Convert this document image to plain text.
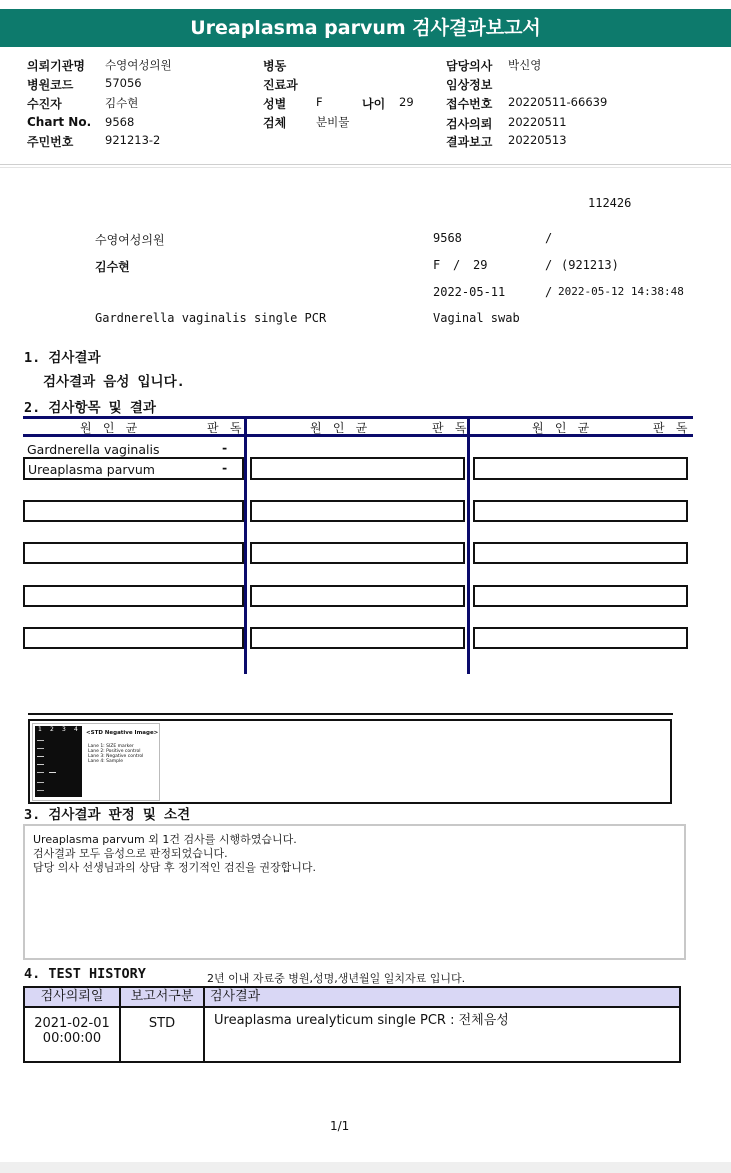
Ureaplasma parvum 검사결과보고서
의뢰기관명 수영여성의원
병원코드	57056
수진자	김수현
Chart No. 9568
주민번호	921213-2
병동
진료과
성별	F	나이 29
검체	분비물
담당의사 박신영
임상정보
접수번호 20220511-66639
검사의뢰 20220511
결과보고 20220513
112426
수영여성의원	9568	/
김수현	F / 29	/ (921213)
2022-05-11	/ 2022-05-12 14:38:48
Gardnerella vaginalis single PCR	Vaginal swab
1. 검사결과
검사결과 음성 입니다.
2. 검사항목 및 결과
원 인 균	판 독	원 인 균	판 독	원 인 균	판 독
Gardnerella vaginalis	-
Ureaplasma parvum	-
1 2 3 4 <STD Negative Image>
Lane 1: SIZE marker
Lane 2: Positive control
Lane 3: Negative control
Lane 4: Sample
3. 검사결과 판정 및 소견
Ureaplasma parvum 외 1건 검사를 시행하였습니다.
검사결과 모두 음성으로 판정되었습니다.
담당 의사 선생님과의 상담 후 정기적인 검진을 권장합니다.
4. TEST HISTORY	2년 이내 자료중 병원,성명,생년월일 일치자료 입니다.
검사의뢰일	보고서구분	검사결과
2021-02-01
00:00:00
STD	Ureaplasma urealyticum single PCR : 전체음성
1/1
